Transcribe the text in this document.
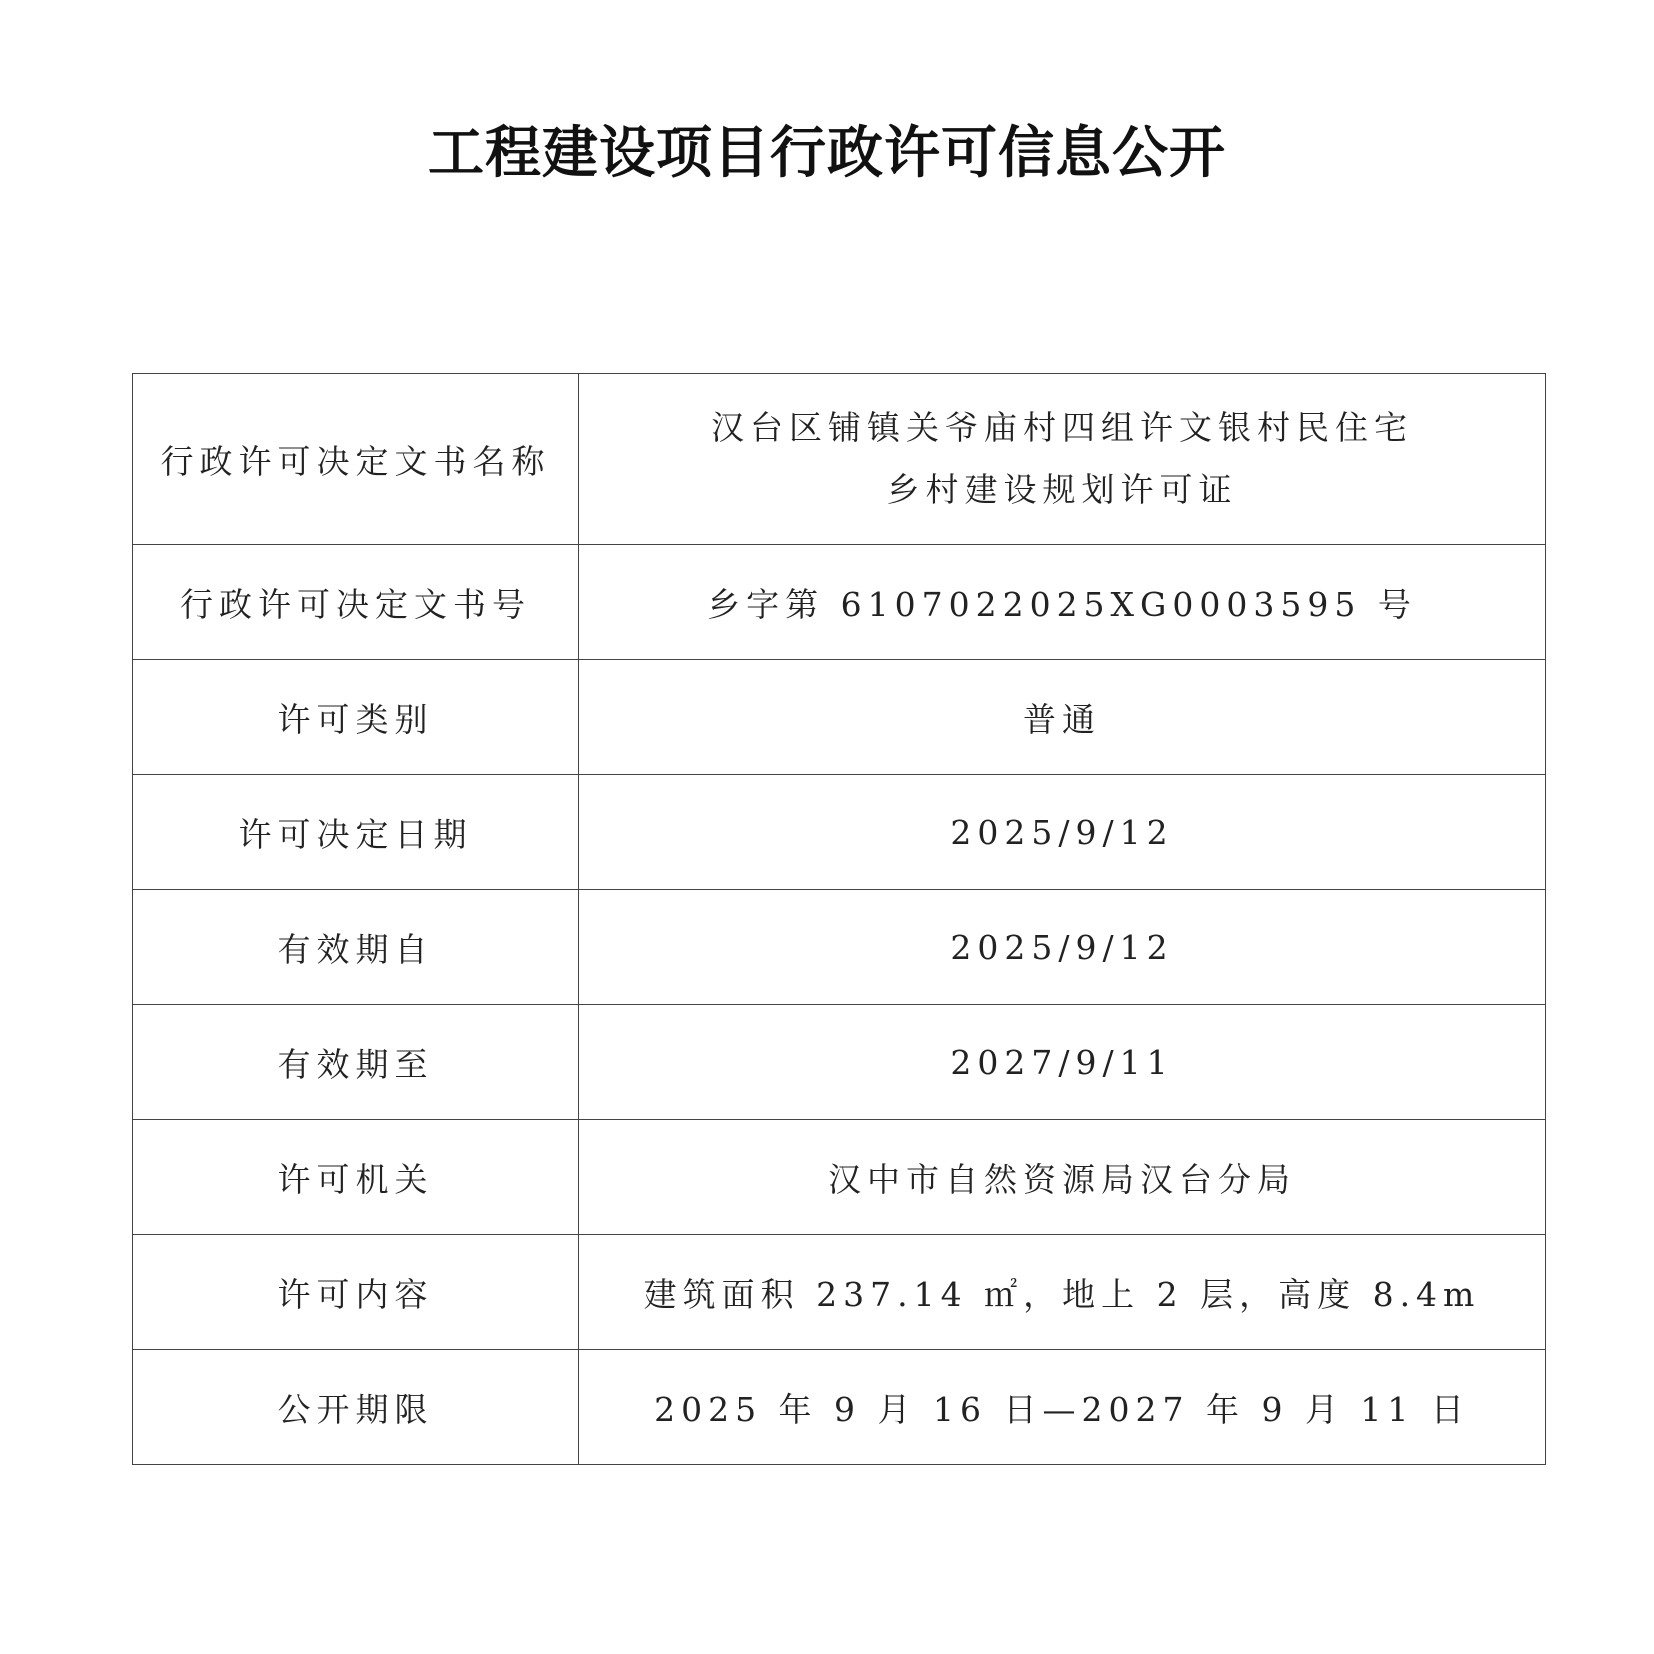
工程建设项目行政许可信息公开
行政许可决定文书名称	汉台区铺镇关爷庙村四组许文银村民住宅
乡村建设规划许可证

行政许可决定文书号	乡字第 6107022025XG0003595 号
许可类别	普通
许可决定日期	2025/9/12
有效期自	2025/9/12
有效期至	2027/9/11
许可机关	汉中市自然资源局汉台分局
许可内容	建筑面积 237.14 ㎡，地上 2 层，高度 8.4m
公开期限	2025 年 9 月 16 日—2027 年 9 月 11 日
